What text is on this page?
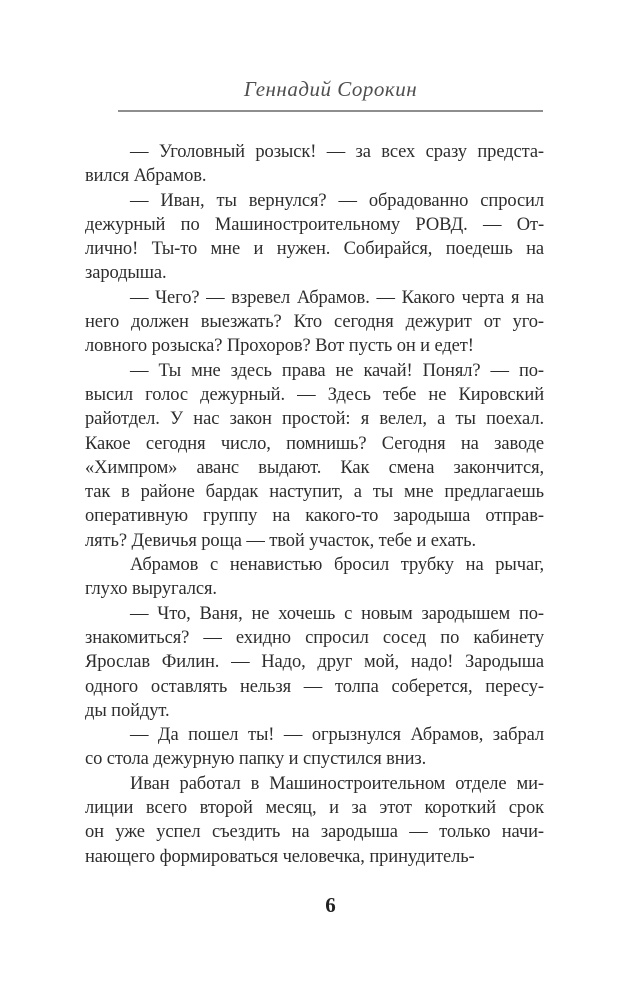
Геннадий Сорокин
— Уголовный розыск! — за всех сразу предста-
вился Абрамов.
— Иван, ты вернулся? — обрадованно спросил
дежурный по Машиностроительному РОВД. — От-
лично! Ты-то мне и нужен. Собирайся, поедешь на
зародыша.
— Чего? — взревел Абрамов. — Какого черта я на
него должен выезжать? Кто сегодня дежурит от уго-
ловного розыска? Прохоров? Вот пусть он и едет!
— Ты мне здесь права не качай! Понял? — по-
высил голос дежурный. — Здесь тебе не Кировский
райотдел. У нас закон простой: я велел, а ты поехал.
Какое сегодня число, помнишь? Сегодня на заводе
«Химпром» аванс выдают. Как смена закончится,
так в районе бардак наступит, а ты мне предлагаешь
оперативную группу на какого-то зародыша отправ-
лять? Девичья роща — твой участок, тебе и ехать.
Абрамов с ненавистью бросил трубку на рычаг,
глухо выругался.
— Что, Ваня, не хочешь с новым зародышем по-
знакомиться? — ехидно спросил сосед по кабинету
Ярослав Филин. — Надо, друг мой, надо! Зародыша
одного оставлять нельзя — толпа соберется, пересу-
ды пойдут.
— Да пошел ты! — огрызнулся Абрамов, забрал
со стола дежурную папку и спустился вниз.
Иван работал в Машиностроительном отделе ми-
лиции всего второй месяц, и за этот короткий срок
он уже успел съездить на зародыша — только начи-
нающего формироваться человечка, принудитель-
6
